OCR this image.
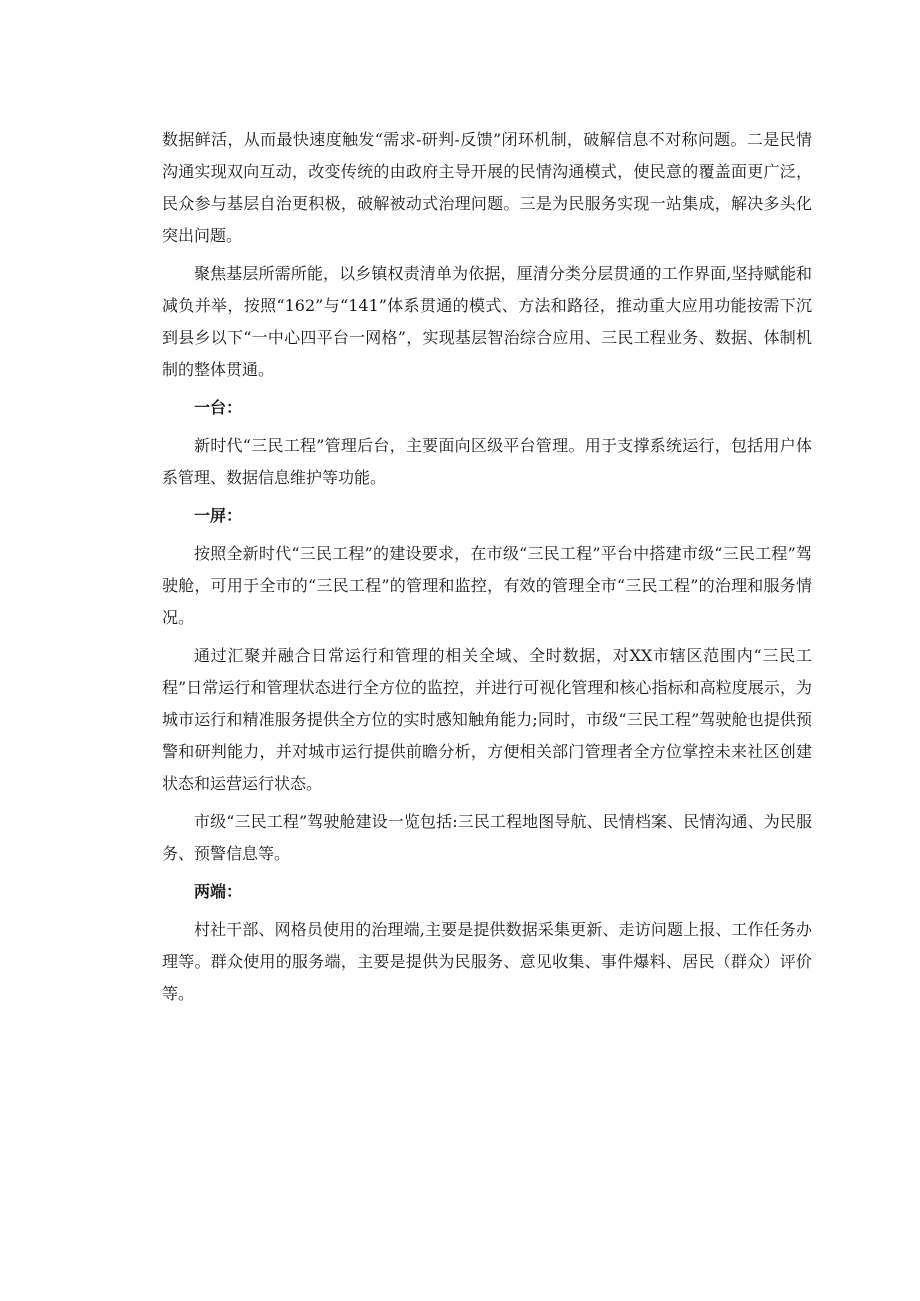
数据鲜活，从而最快速度触发“需求-研判-反馈”闭环机制，破解信息不对称问题。二是民情沟通实现双向互动，改变传统的由政府主导开展的民情沟通模式，使民意的覆盖面更广泛，民众参与基层自治更积极，破解被动式治理问题。三是为民服务实现一站集成，解决多头化突出问题。

聚焦基层所需所能，以乡镇权责清单为依据，厘清分类分层贯通的工作界面,坚持赋能和减负并举，按照“162”与“141”体系贯通的模式、方法和路径，推动重大应用功能按需下沉到县乡以下“一中心四平台一网格”，实现基层智治综合应用、三民工程业务、数据、体制机制的整体贯通。

一台：

新时代“三民工程”管理后台，主要面向区级平台管理。用于支撑系统运行，包括用户体系管理、数据信息维护等功能。

一屏：

按照全新时代“三民工程”的建设要求，在市级“三民工程”平台中搭建市级“三民工程”驾驶舱，可用于全市的“三民工程”的管理和监控，有效的管理全市“三民工程”的治理和服务情况。

通过汇聚并融合日常运行和管理的相关全域、全时数据，对XX市辖区范围内“三民工程”日常运行和管理状态进行全方位的监控，并进行可视化管理和核心指标和高粒度展示，为城市运行和精准服务提供全方位的实时感知触角能力;同时，市级“三民工程”驾驶舱也提供预警和研判能力，并对城市运行提供前瞻分析，方便相关部门管理者全方位掌控未来社区创建状态和运营运行状态。

市级“三民工程”驾驶舱建设一览包括:三民工程地图导航、民情档案、民情沟通、为民服务、预警信息等。

两端：

村社干部、网格员使用的治理端,主要是提供数据采集更新、走访问题上报、工作任务办理等。群众使用的服务端，主要是提供为民服务、意见收集、事件爆料、居民（群众）评价等。
